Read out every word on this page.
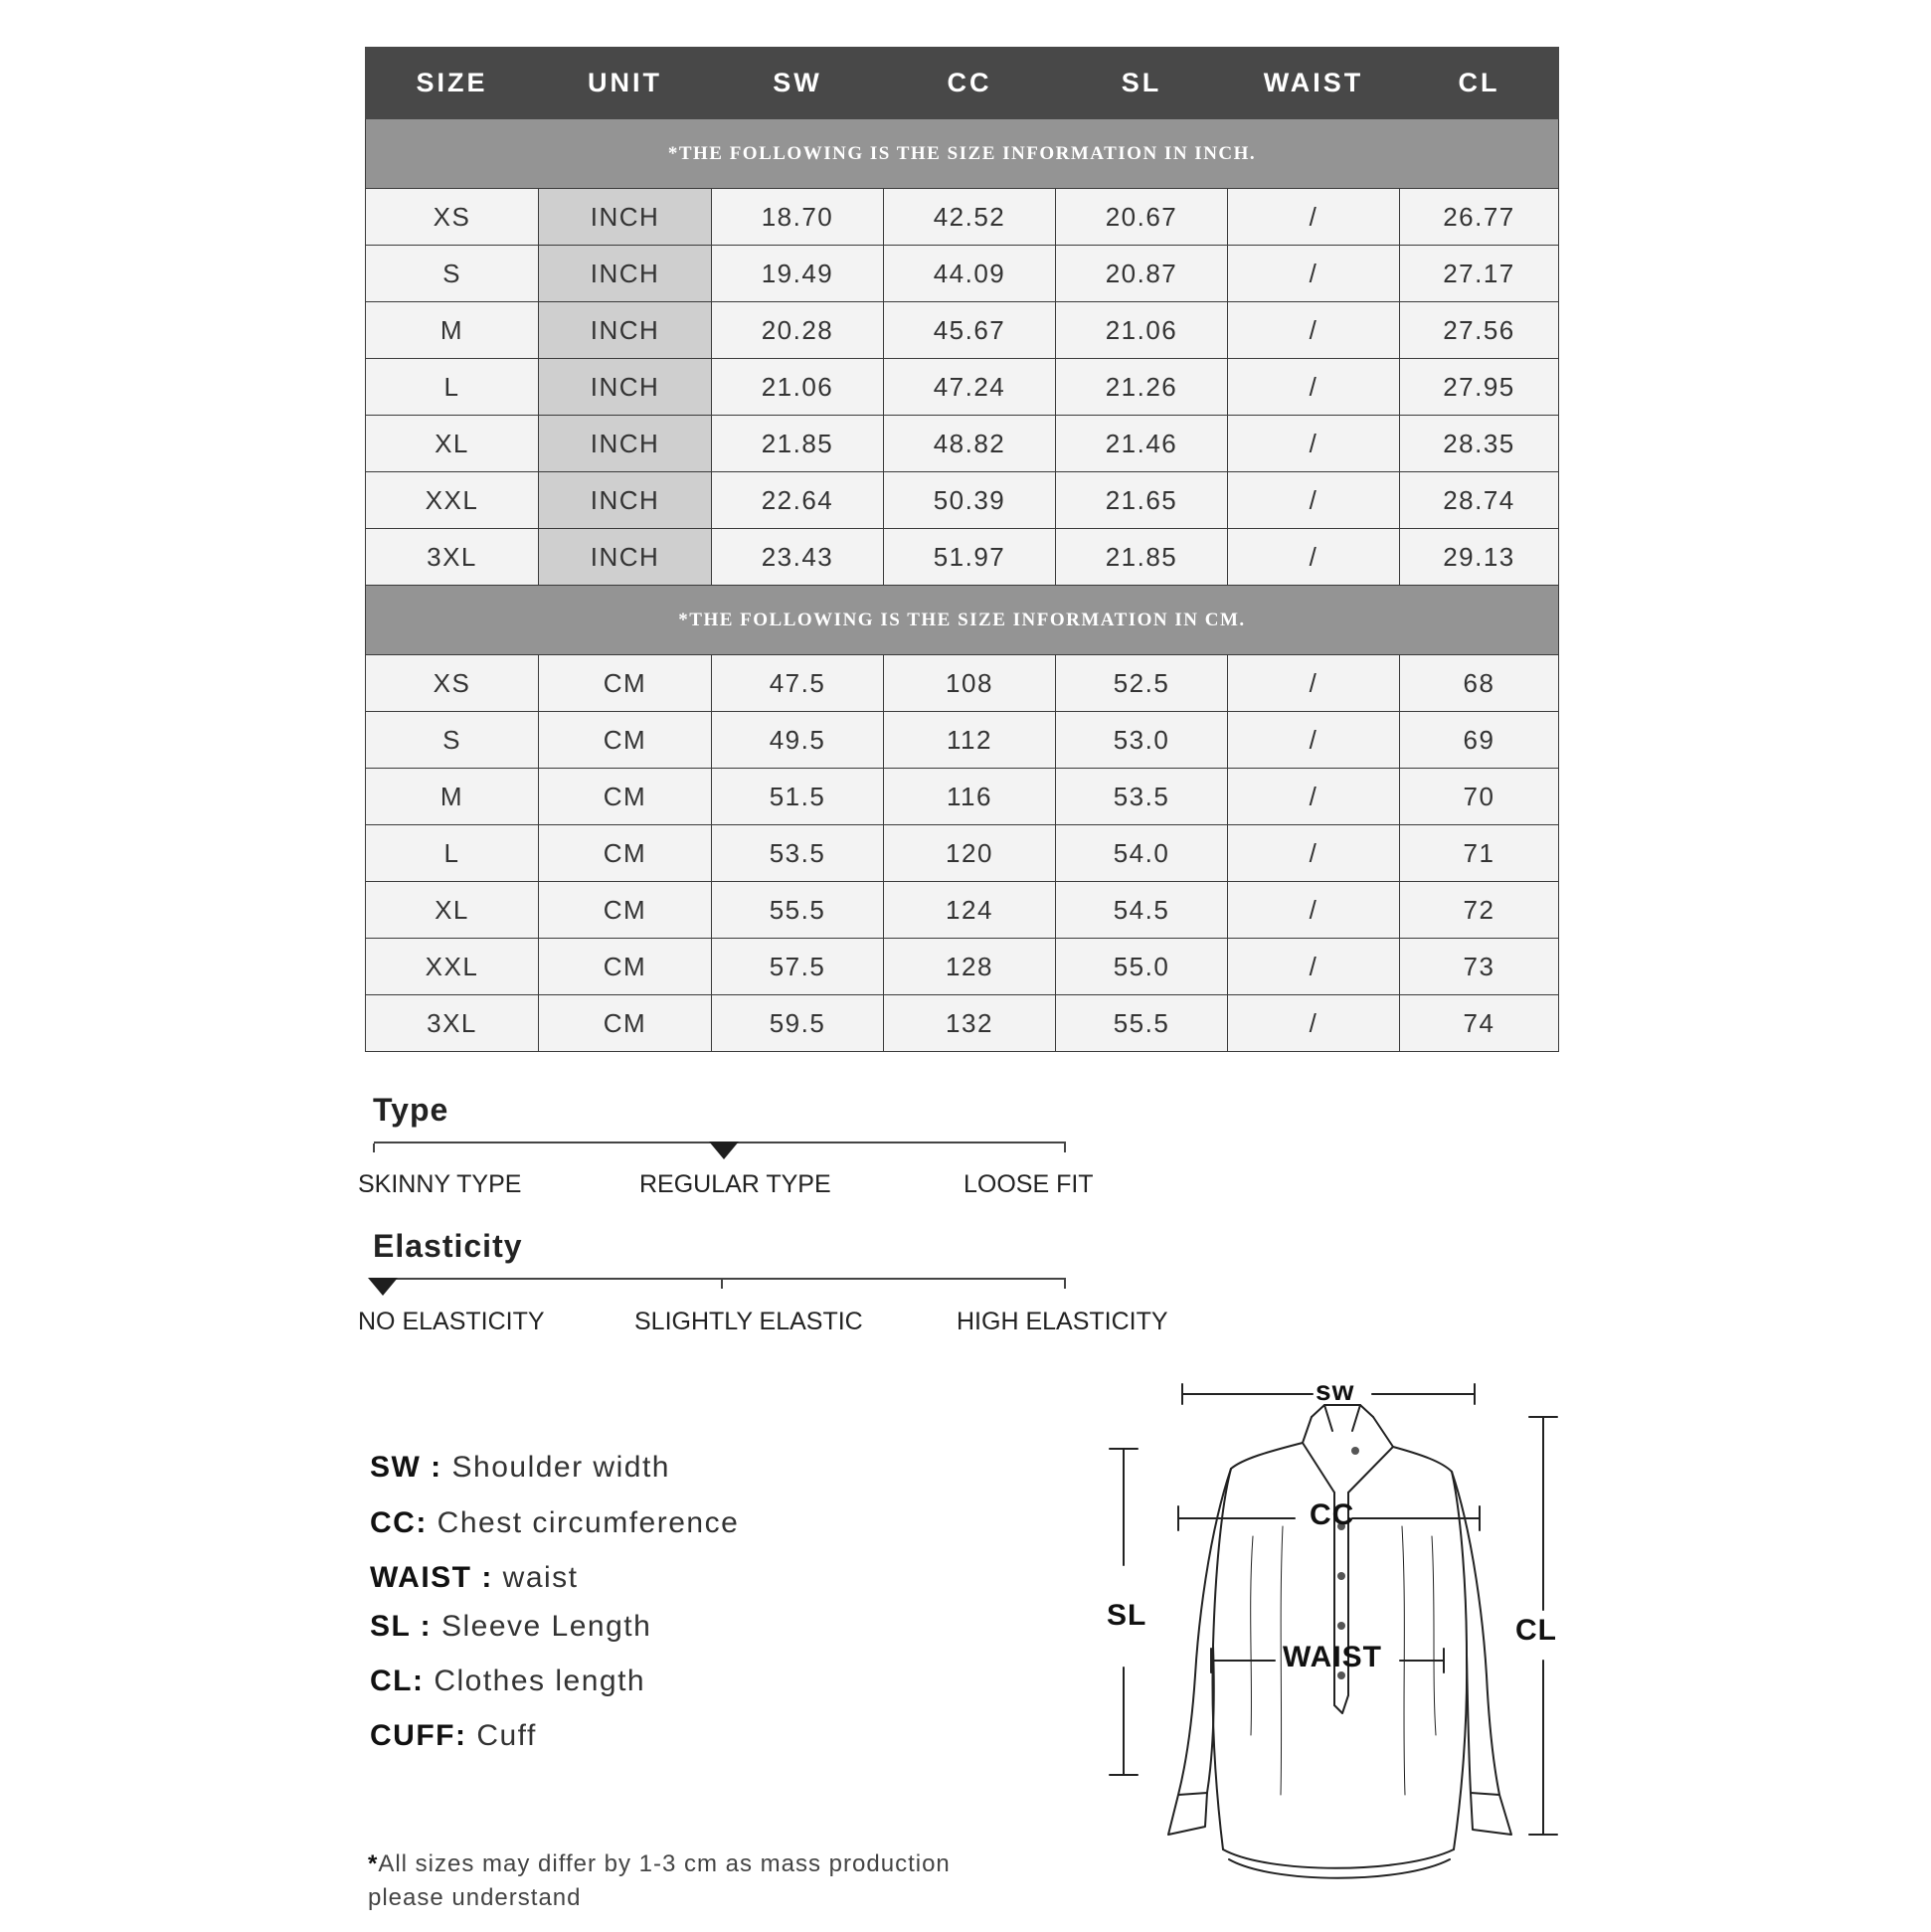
SIZE	UNIT	SW	CC	SL	WAIST	CL
*THE FOLLOWING IS THE SIZE INFORMATION IN INCH.						
XS	INCH	18.70	42.52	20.67	/	26.77
S	INCH	19.49	44.09	20.87	/	27.17
M	INCH	20.28	45.67	21.06	/	27.56
L	INCH	21.06	47.24	21.26	/	27.95
XL	INCH	21.85	48.82	21.46	/	28.35
XXL	INCH	22.64	50.39	21.65	/	28.74
3XL	INCH	23.43	51.97	21.85	/	29.13
*THE FOLLOWING IS THE SIZE INFORMATION IN CM.						
XS	CM	47.5	108	52.5	/	68
S	CM	49.5	112	53.0	/	69
M	CM	51.5	116	53.5	/	70
L	CM	53.5	120	54.0	/	71
XL	CM	55.5	124	54.5	/	72
XXL	CM	57.5	128	55.0	/	73
3XL	CM	59.5	132	55.5	/	74
Type
SKINNY TYPE	REGULAR TYPE	LOOSE FIT
Elasticity
NO ELASTICITY	SLIGHTLY ELASTIC	HIGH ELASTICITY
SW : Shoulder width
CC: Chest circumference
WAIST : waist
SL : Sleeve Length
CL: Clothes length
CUFF: Cuff
*All sizes may differ by 1-3 cm as mass production
please understand
sw
CC
WAIST
SL	CL
